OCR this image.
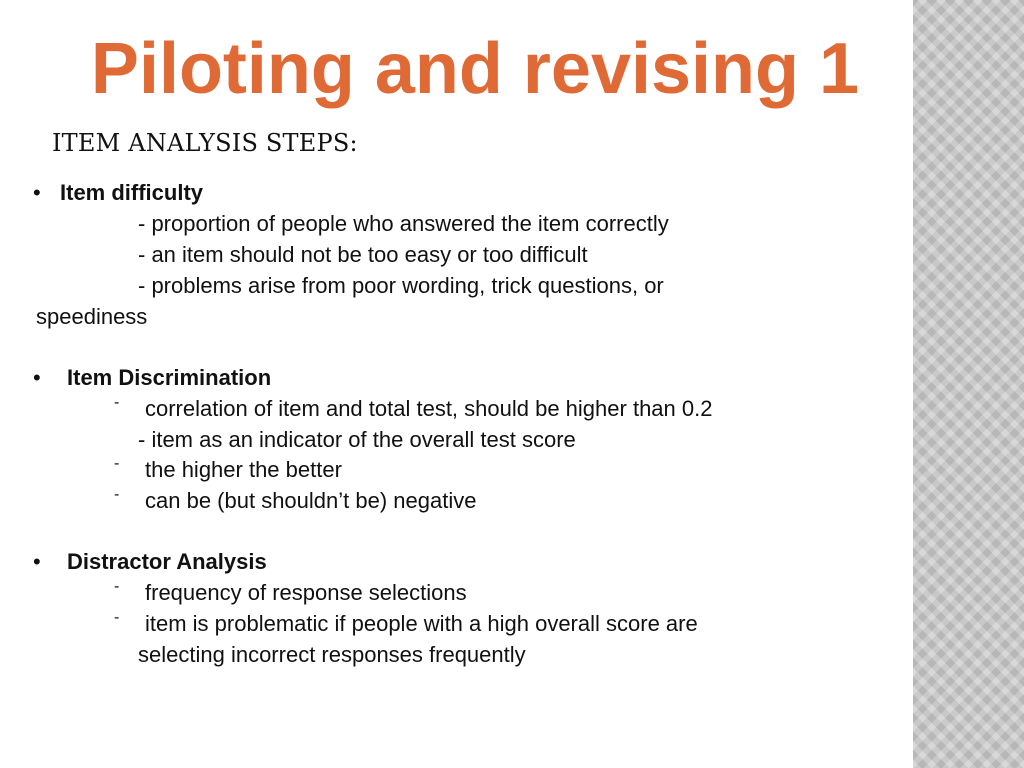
Piloting and revising 1
ITEM ANALYSIS STEPS:
• Item difficulty
- proportion of people who answered the item correctly
- an item should not be too easy or too difficult
- problems arise from poor wording, trick questions, or
speediness
• Item Discrimination
- correlation of item and total test, should be higher than 0.2
- item as an indicator of the overall test score
- the higher the better
- can be (but shouldn’t be) negative
• Distractor Analysis
- frequency of response selections
- item is problematic if people with a high overall score are
selecting incorrect responses frequently
